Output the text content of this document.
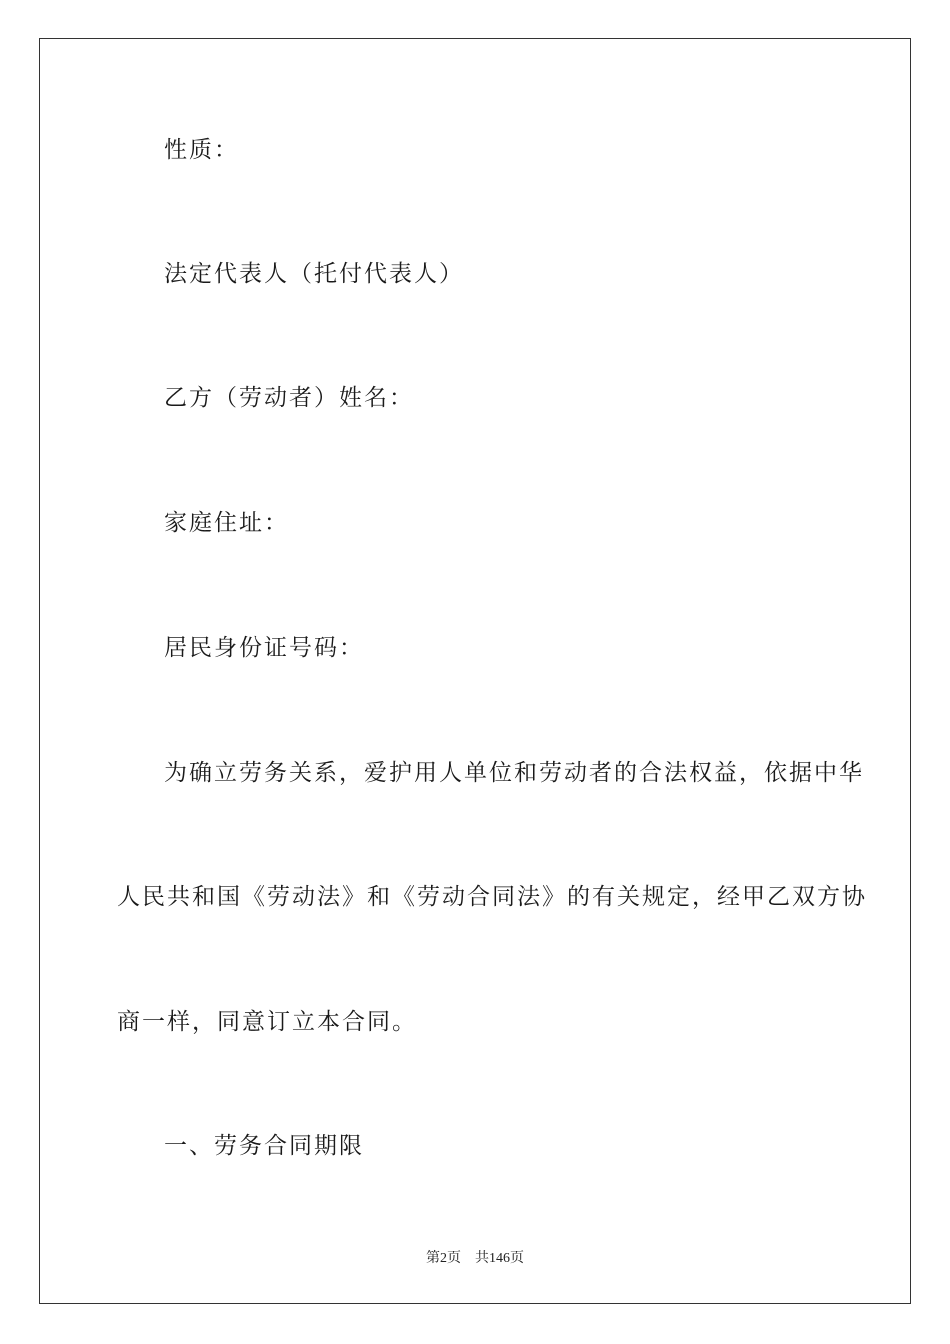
性质：
法定代表人（托付代表人）
乙方（劳动者）姓名：
家庭住址：
居民身份证号码：
为确立劳务关系，爱护用人单位和劳动者的合法权益，依据中华
人民共和国《劳动法》和《劳动合同法》的有关规定，经甲乙双方协
商一样，同意订立本合同。
一、劳务合同期限
第2页　共146页
